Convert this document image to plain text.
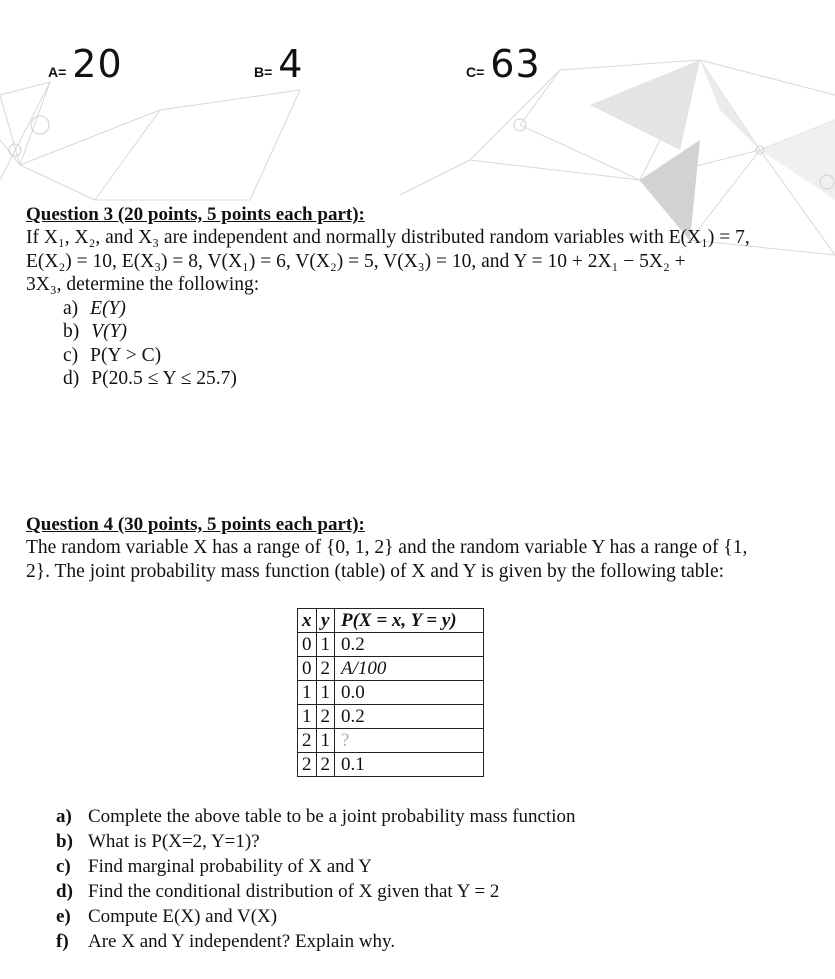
A= 20	B= 4	C= 63
Question 3 (20 points, 5 points each part):
If X₁, X₂, and X₃ are independent and normally distributed random variables with E(X₁) = 7,
E(X₂) = 10, E(X₃) = 8, V(X₁) = 6, V(X₂) = 5, V(X₃) = 10, and Y = 10 + 2X₁ − 5X₂ +
3X₃, determine the following:
a) E(Y)
b) V(Y)
c) P(Y > C)
d) P(20.5 ≤ Y ≤ 25.7)
Question 4 (30 points, 5 points each part):
The random variable X has a range of {0, 1, 2} and the random variable Y has a range of {1,
2}. The joint probability mass function (table) of X and Y is given by the following table:
x	y	P(X = x, Y = y)
0	1	0.2
0	2	A/100
1	1	0.0
1	2	0.2
2	1	?
2	2	0.1
a) Complete the above table to be a joint probability mass function
b) What is P(X=2, Y=1)?
c) Find marginal probability of X and Y
d) Find the conditional distribution of X given that Y = 2
e) Compute E(X) and V(X)
f)	Are X and Y independent? Explain why.
